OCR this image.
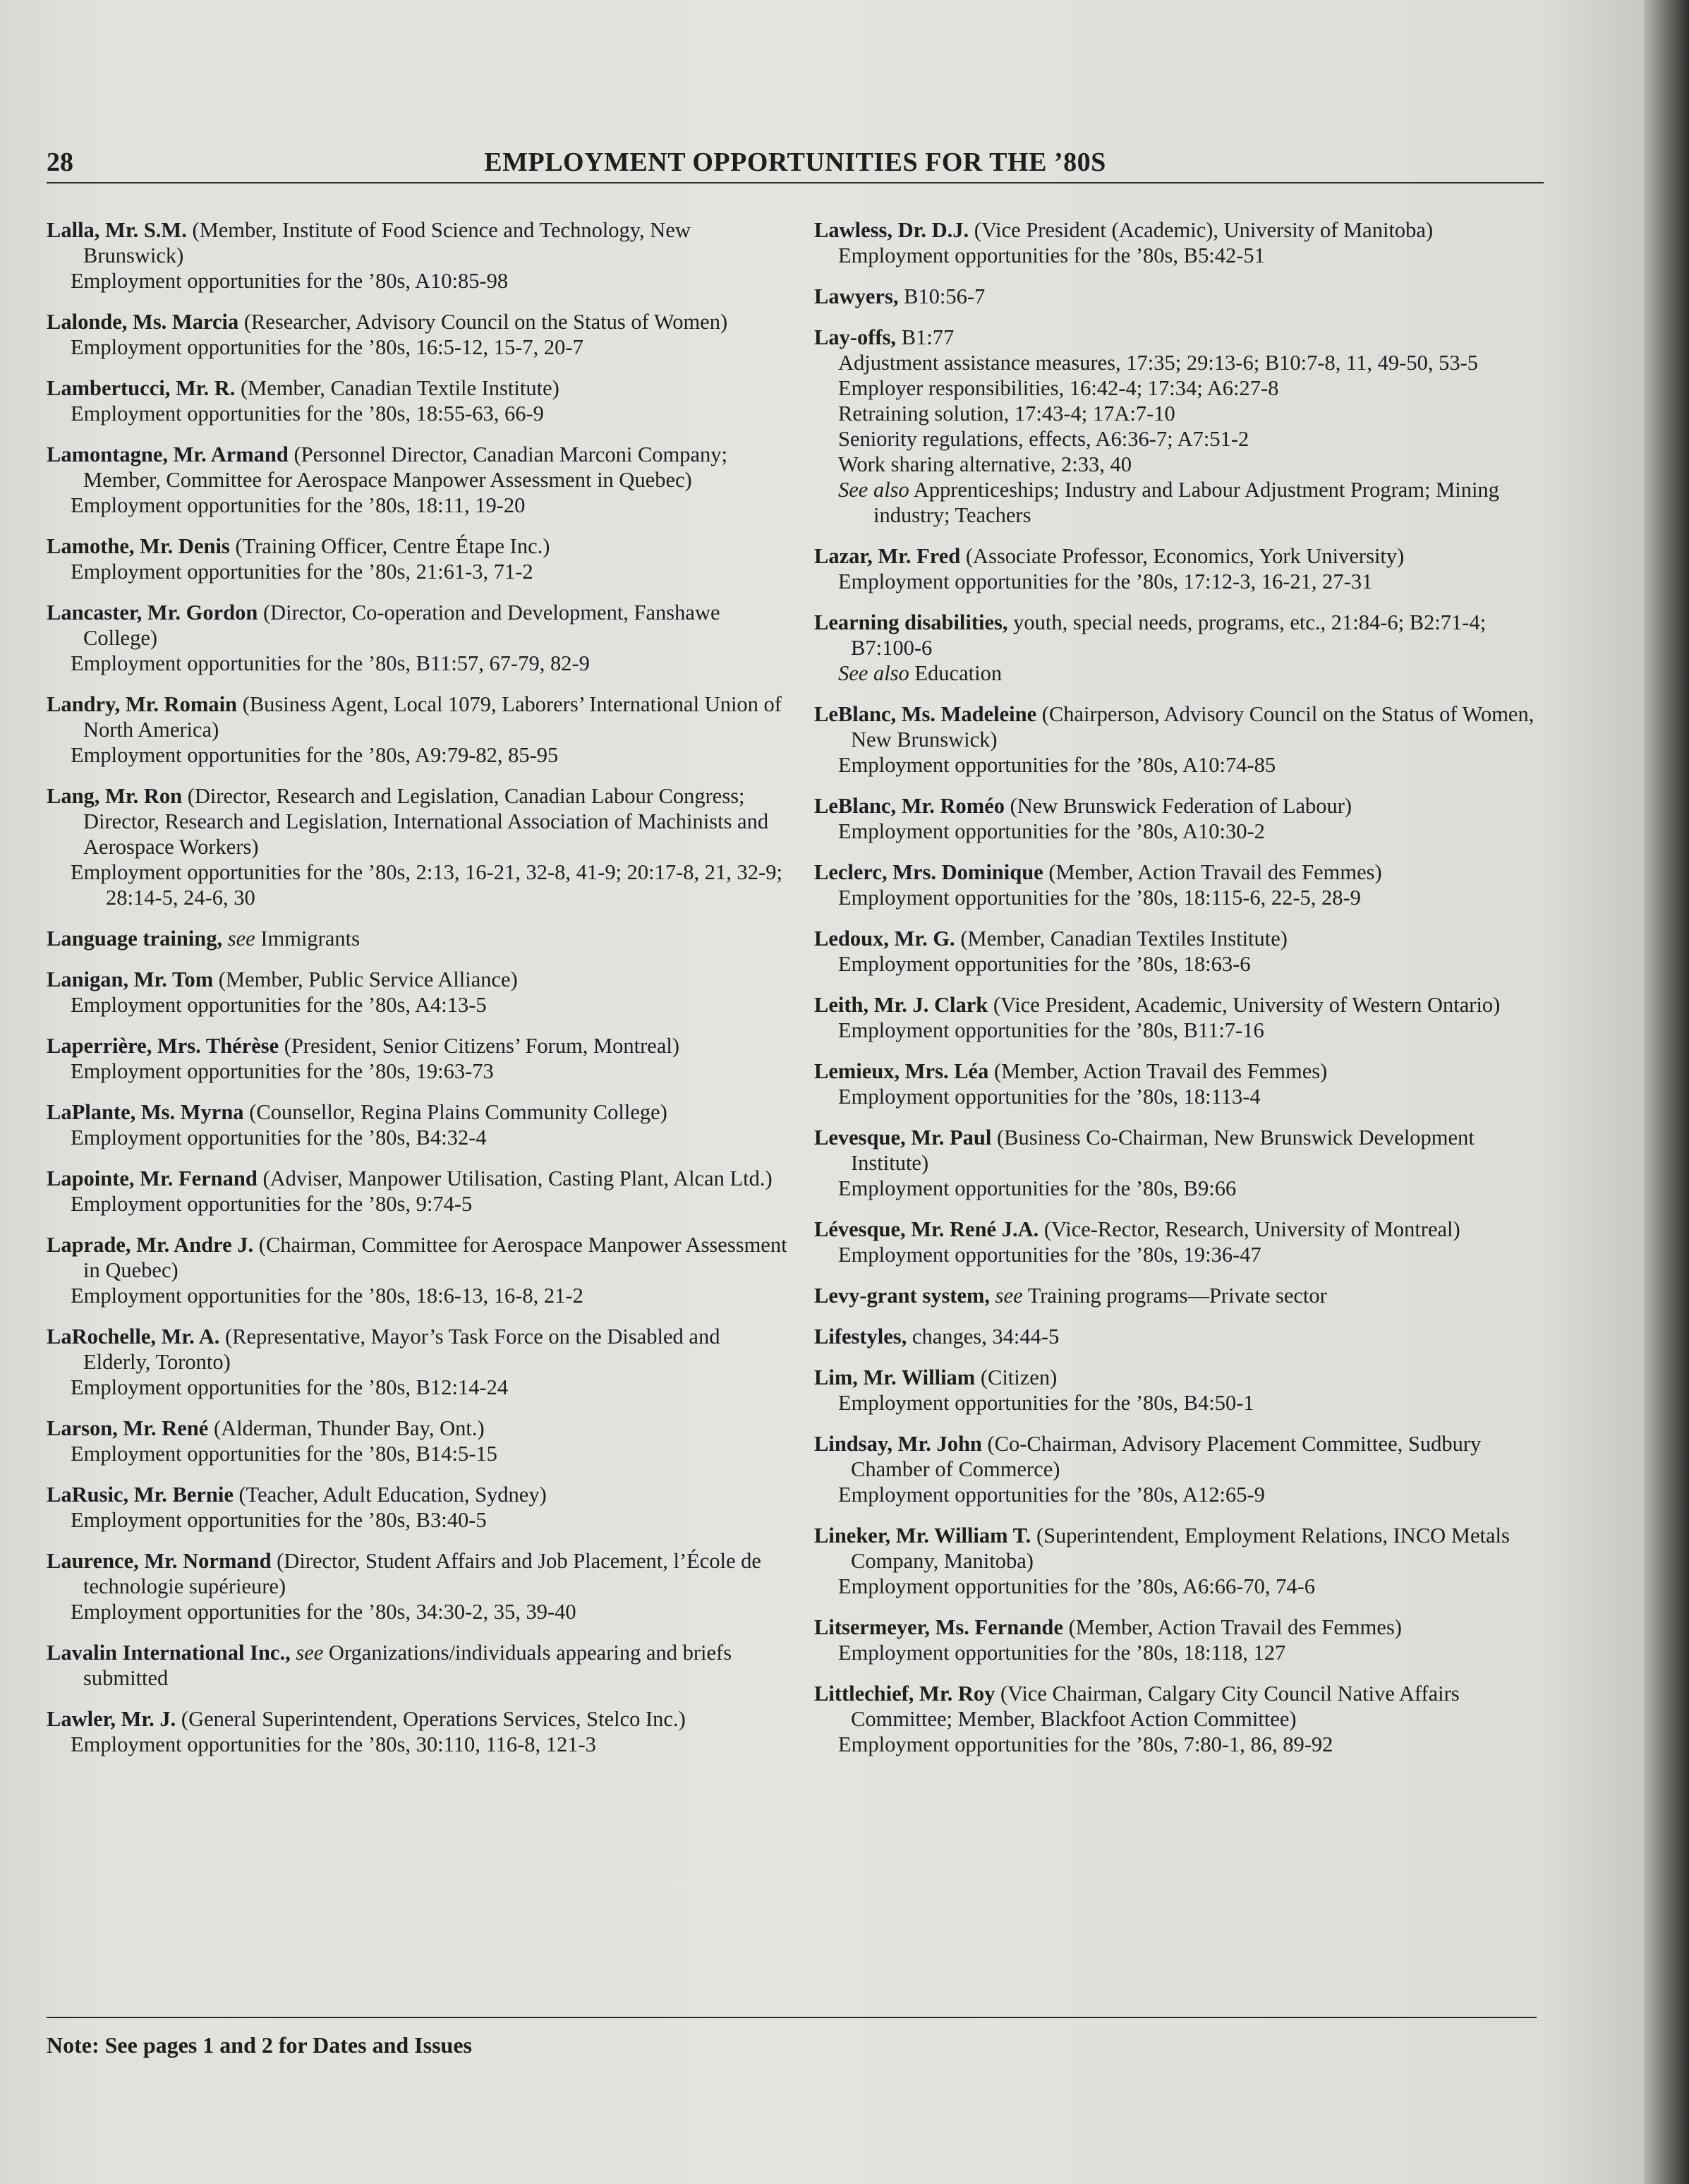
28	EMPLOYMENT OPPORTUNITIES FOR THE ’80S
Lalla, Mr. S.M. (Member, Institute of Food Science and Technology, New Brunswick)
Employment opportunities for the ’80s, A10:85-98
Lalonde, Ms. Marcia (Researcher, Advisory Council on the Status of Women)
Employment opportunities for the ’80s, 16:5-12, 15-7, 20-7
Lambertucci, Mr. R. (Member, Canadian Textile Institute)
Employment opportunities for the ’80s, 18:55-63, 66-9
Lamontagne, Mr. Armand (Personnel Director, Canadian Marconi Company; Member, Committee for Aerospace Manpower Assessment in Quebec)
Employment opportunities for the ’80s, 18:11, 19-20
Lamothe, Mr. Denis (Training Officer, Centre Étape Inc.)
Employment opportunities for the ’80s, 21:61-3, 71-2
Lancaster, Mr. Gordon (Director, Co-operation and Development, Fanshawe College)
Employment opportunities for the ’80s, B11:57, 67-79, 82-9
Landry, Mr. Romain (Business Agent, Local 1079, Laborers’ International Union of North America)
Employment opportunities for the ’80s, A9:79-82, 85-95
Lang, Mr. Ron (Director, Research and Legislation, Canadian Labour Congress; Director, Research and Legislation, International Association of Machinists and Aerospace Workers)
Employment opportunities for the ’80s, 2:13, 16-21, 32-8, 41-9; 20:17-8, 21, 32-9; 28:14-5, 24-6, 30
Language training, see Immigrants
Lanigan, Mr. Tom (Member, Public Service Alliance)
Employment opportunities for the ’80s, A4:13-5
Laperrière, Mrs. Thérèse (President, Senior Citizens’ Forum, Montreal)
Employment opportunities for the ’80s, 19:63-73
LaPlante, Ms. Myrna (Counsellor, Regina Plains Community College)
Employment opportunities for the ’80s, B4:32-4
Lapointe, Mr. Fernand (Adviser, Manpower Utilisation, Casting Plant, Alcan Ltd.)
Employment opportunities for the ’80s, 9:74-5
Laprade, Mr. Andre J. (Chairman, Committee for Aerospace Manpower Assessment in Quebec)
Employment opportunities for the ’80s, 18:6-13, 16-8, 21-2
LaRochelle, Mr. A. (Representative, Mayor’s Task Force on the Disabled and Elderly, Toronto)
Employment opportunities for the ’80s, B12:14-24
Larson, Mr. René (Alderman, Thunder Bay, Ont.)
Employment opportunities for the ’80s, B14:5-15
LaRusic, Mr. Bernie (Teacher, Adult Education, Sydney)
Employment opportunities for the ’80s, B3:40-5
Laurence, Mr. Normand (Director, Student Affairs and Job Placement, l’École de technologie supérieure)
Employment opportunities for the ’80s, 34:30-2, 35, 39-40
Lavalin International Inc., see Organizations/individuals appearing and briefs submitted
Lawler, Mr. J. (General Superintendent, Operations Services, Stelco Inc.)
Employment opportunities for the ’80s, 30:110, 116-8, 121-3
Lawless, Dr. D.J. (Vice President (Academic), University of Manitoba)
Employment opportunities for the ’80s, B5:42-51
Lawyers, B10:56-7
Lay-offs, B1:77
Adjustment assistance measures, 17:35; 29:13-6; B10:7-8, 11, 49-50, 53-5
Employer responsibilities, 16:42-4; 17:34; A6:27-8
Retraining solution, 17:43-4; 17A:7-10
Seniority regulations, effects, A6:36-7; A7:51-2
Work sharing alternative, 2:33, 40
See also Apprenticeships; Industry and Labour Adjustment Program; Mining industry; Teachers
Lazar, Mr. Fred (Associate Professor, Economics, York University)
Employment opportunities for the ’80s, 17:12-3, 16-21, 27-31
Learning disabilities, youth, special needs, programs, etc., 21:84-6; B2:71-4; B7:100-6
See also Education
LeBlanc, Ms. Madeleine (Chairperson, Advisory Council on the Status of Women, New Brunswick)
Employment opportunities for the ’80s, A10:74-85
LeBlanc, Mr. Roméo (New Brunswick Federation of Labour)
Employment opportunities for the ’80s, A10:30-2
Leclerc, Mrs. Dominique (Member, Action Travail des Femmes)
Employment opportunities for the ’80s, 18:115-6, 22-5, 28-9
Ledoux, Mr. G. (Member, Canadian Textiles Institute)
Employment opportunities for the ’80s, 18:63-6
Leith, Mr. J. Clark (Vice President, Academic, University of Western Ontario)
Employment opportunities for the ’80s, B11:7-16
Lemieux, Mrs. Léa (Member, Action Travail des Femmes)
Employment opportunities for the ’80s, 18:113-4
Levesque, Mr. Paul (Business Co-Chairman, New Brunswick Development Institute)
Employment opportunities for the ’80s, B9:66
Lévesque, Mr. René J.A. (Vice-Rector, Research, University of Montreal)
Employment opportunities for the ’80s, 19:36-47
Levy-grant system, see Training programs—Private sector
Lifestyles, changes, 34:44-5
Lim, Mr. William (Citizen)
Employment opportunities for the ’80s, B4:50-1
Lindsay, Mr. John (Co-Chairman, Advisory Placement Committee, Sudbury Chamber of Commerce)
Employment opportunities for the ’80s, A12:65-9
Lineker, Mr. William T. (Superintendent, Employment Relations, INCO Metals Company, Manitoba)
Employment opportunities for the ’80s, A6:66-70, 74-6
Litsermeyer, Ms. Fernande (Member, Action Travail des Femmes)
Employment opportunities for the ’80s, 18:118, 127
Littlechief, Mr. Roy (Vice Chairman, Calgary City Council Native Affairs Committee; Member, Blackfoot Action Committee)
Employment opportunities for the ’80s, 7:80-1, 86, 89-92
Note: See pages 1 and 2 for Dates and Issues
